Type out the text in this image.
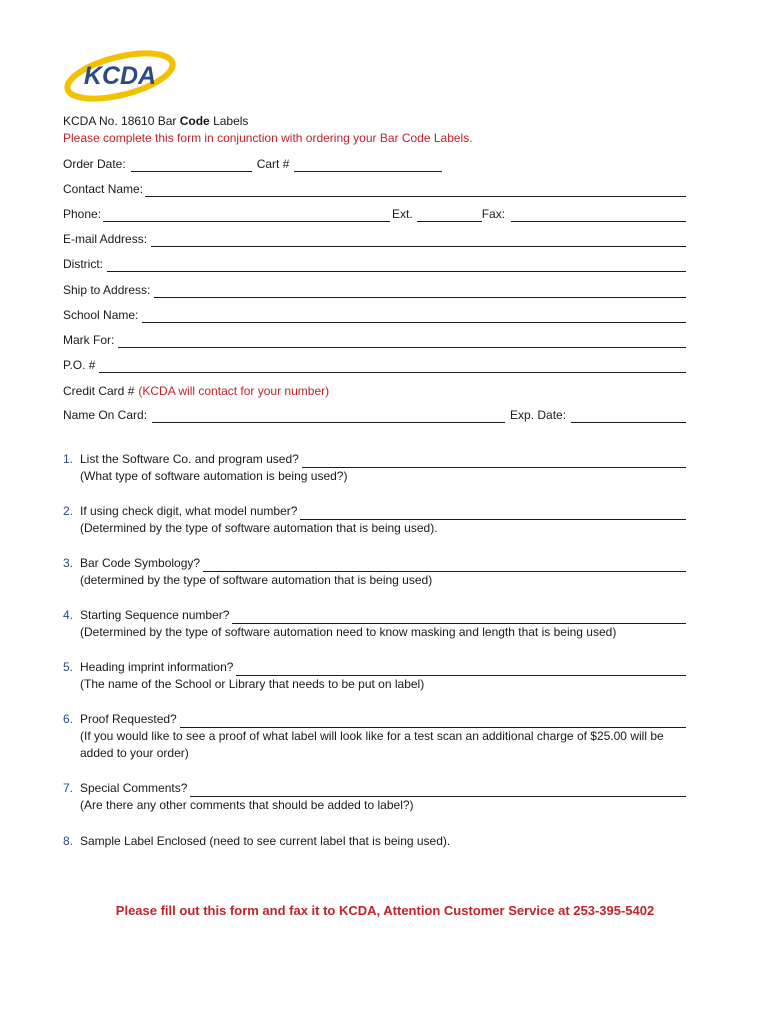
KCDA
KCDA No. 18610 Bar Code Labels
Please complete this form in conjunction with ordering your Bar Code Labels.
Order Date:	Cart #
Contact Name:
Phone:	Ext.	Fax:
E-mail Address:
District:
Ship to Address:
School Name:
Mark For:
P.O. #
Credit Card # (KCDA will contact for your number)
Name On Card:	Exp. Date:
1. List the Software Co. and program used?
(What type of software automation is being used?)
2. If using check digit, what model number?
(Determined by the type of software automation that is being used).
3. Bar Code Symbology?
(determined by the type of software automation that is being used)
4. Starting Sequence number?
(Determined by the type of software automation need to know masking and length that is being used)
5. Heading imprint information?
(The name of the School or Library that needs to be put on label)
6. Proof Requested?
(If you would like to see a proof of what label will look like for a test scan an additional charge of $25.00 will be added to your order)
7. Special Comments?
(Are there any other comments that should be added to label?)
8. Sample Label Enclosed (need to see current label that is being used).
Please fill out this form and fax it to KCDA, Attention Customer Service at 253-395-5402
